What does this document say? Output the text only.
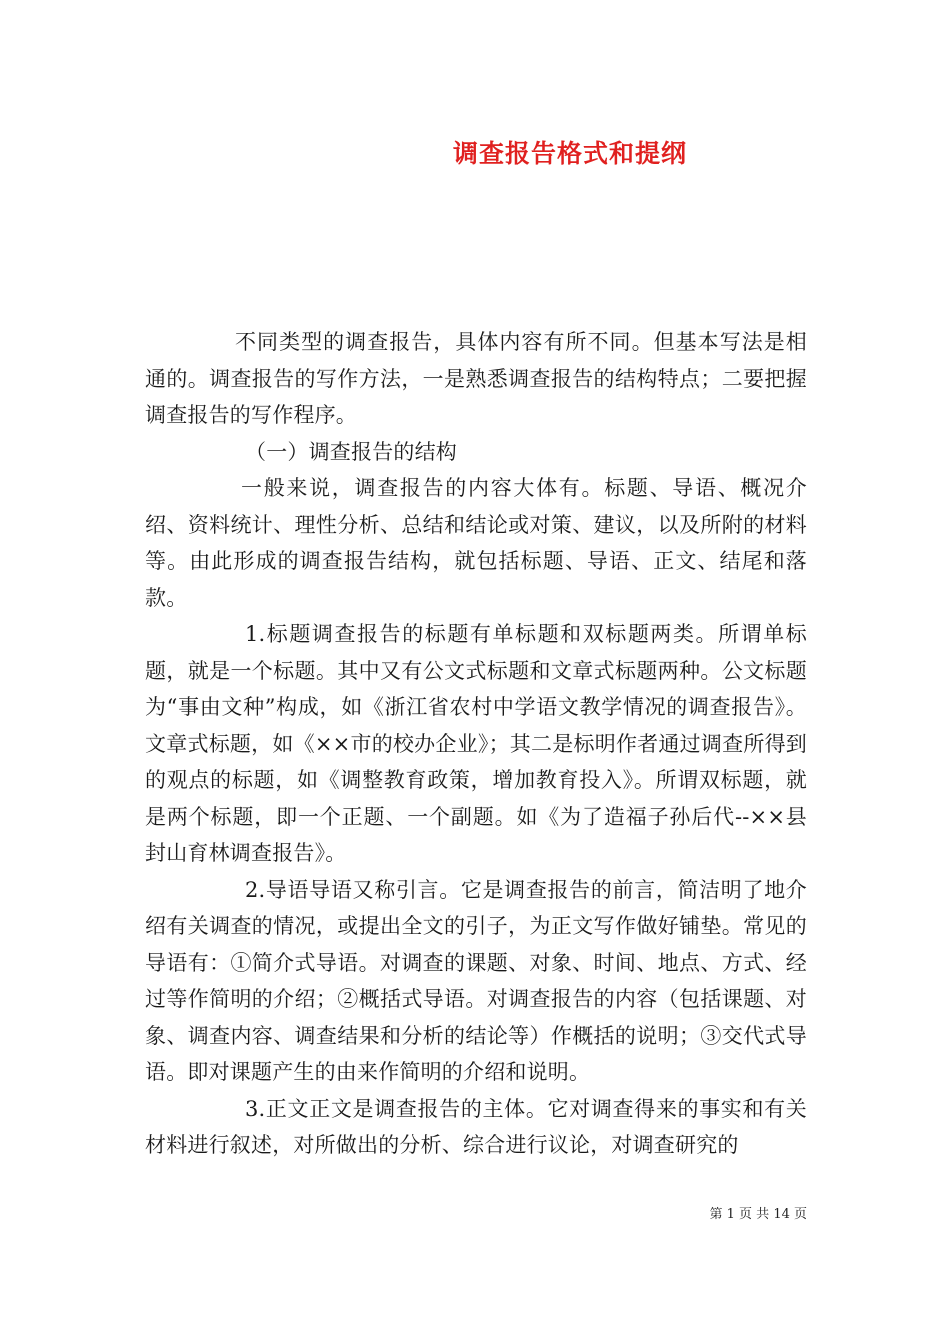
调查报告格式和提纲

不同类型的调查报告，具体内容有所不同。但基本写法是相通的。调查报告的写作方法，一是熟悉调查报告的结构特点；二要把握调查报告的写作程序。

（一）调查报告的结构

一般来说，调查报告的内容大体有。标题、导语、概况介绍、资料统计、理性分析、总结和结论或对策、建议，以及所附的材料等。由此形成的调查报告结构，就包括标题、导语、正文、结尾和落款。

1.标题调查报告的标题有单标题和双标题两类。所谓单标题，就是一个标题。其中又有公文式标题和文章式标题两种。公文标题为“事由文种”构成，如《浙江省农村中学语文教学情况的调查报告》。文章式标题，如《××市的校办企业》；其二是标明作者通过调查所得到的观点的标题，如《调整教育政策，增加教育投入》。所谓双标题，就是两个标题，即一个正题、一个副题。如《为了造福子孙后代--××县封山育林调查报告》。

2.导语导语又称引言。它是调查报告的前言，简洁明了地介绍有关调查的情况，或提出全文的引子，为正文写作做好铺垫。常见的导语有：①简介式导语。对调查的课题、对象、时间、地点、方式、经过等作简明的介绍；②概括式导语。对调查报告的内容（包括课题、对象、调查内容、调查结果和分析的结论等）作概括的说明；③交代式导语。即对课题产生的由来作简明的介绍和说明。

3.正文正文是调查报告的主体。它对调查得来的事实和有关材料进行叙述，对所做出的分析、综合进行议论，对调查研究的

第 1 页 共 14 页
